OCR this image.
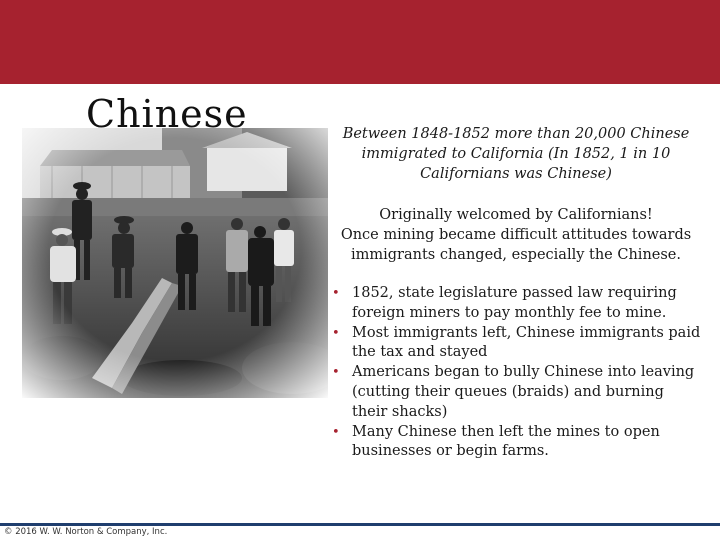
Chinese	Between 1848-1852 more than 20,000 Chinese immigrated to California (In 1852, 1 in 10 Californians was Chinese)

Originally welcomed by Californians!

Once mining became difficult attitudes towards immigrants changed, especially the Chinese.

• 1852, state legislature passed law requiring foreign miners to pay monthly fee to mine.
• Most immigrants left, Chinese immigrants paid the tax and stayed
• Americans began to bully Chinese into leaving (cutting their queues (braids) and burning their shacks)
• Many Chinese then left the mines to open businesses or begin farms.
© 2016 W. W. Norton & Company, Inc.
